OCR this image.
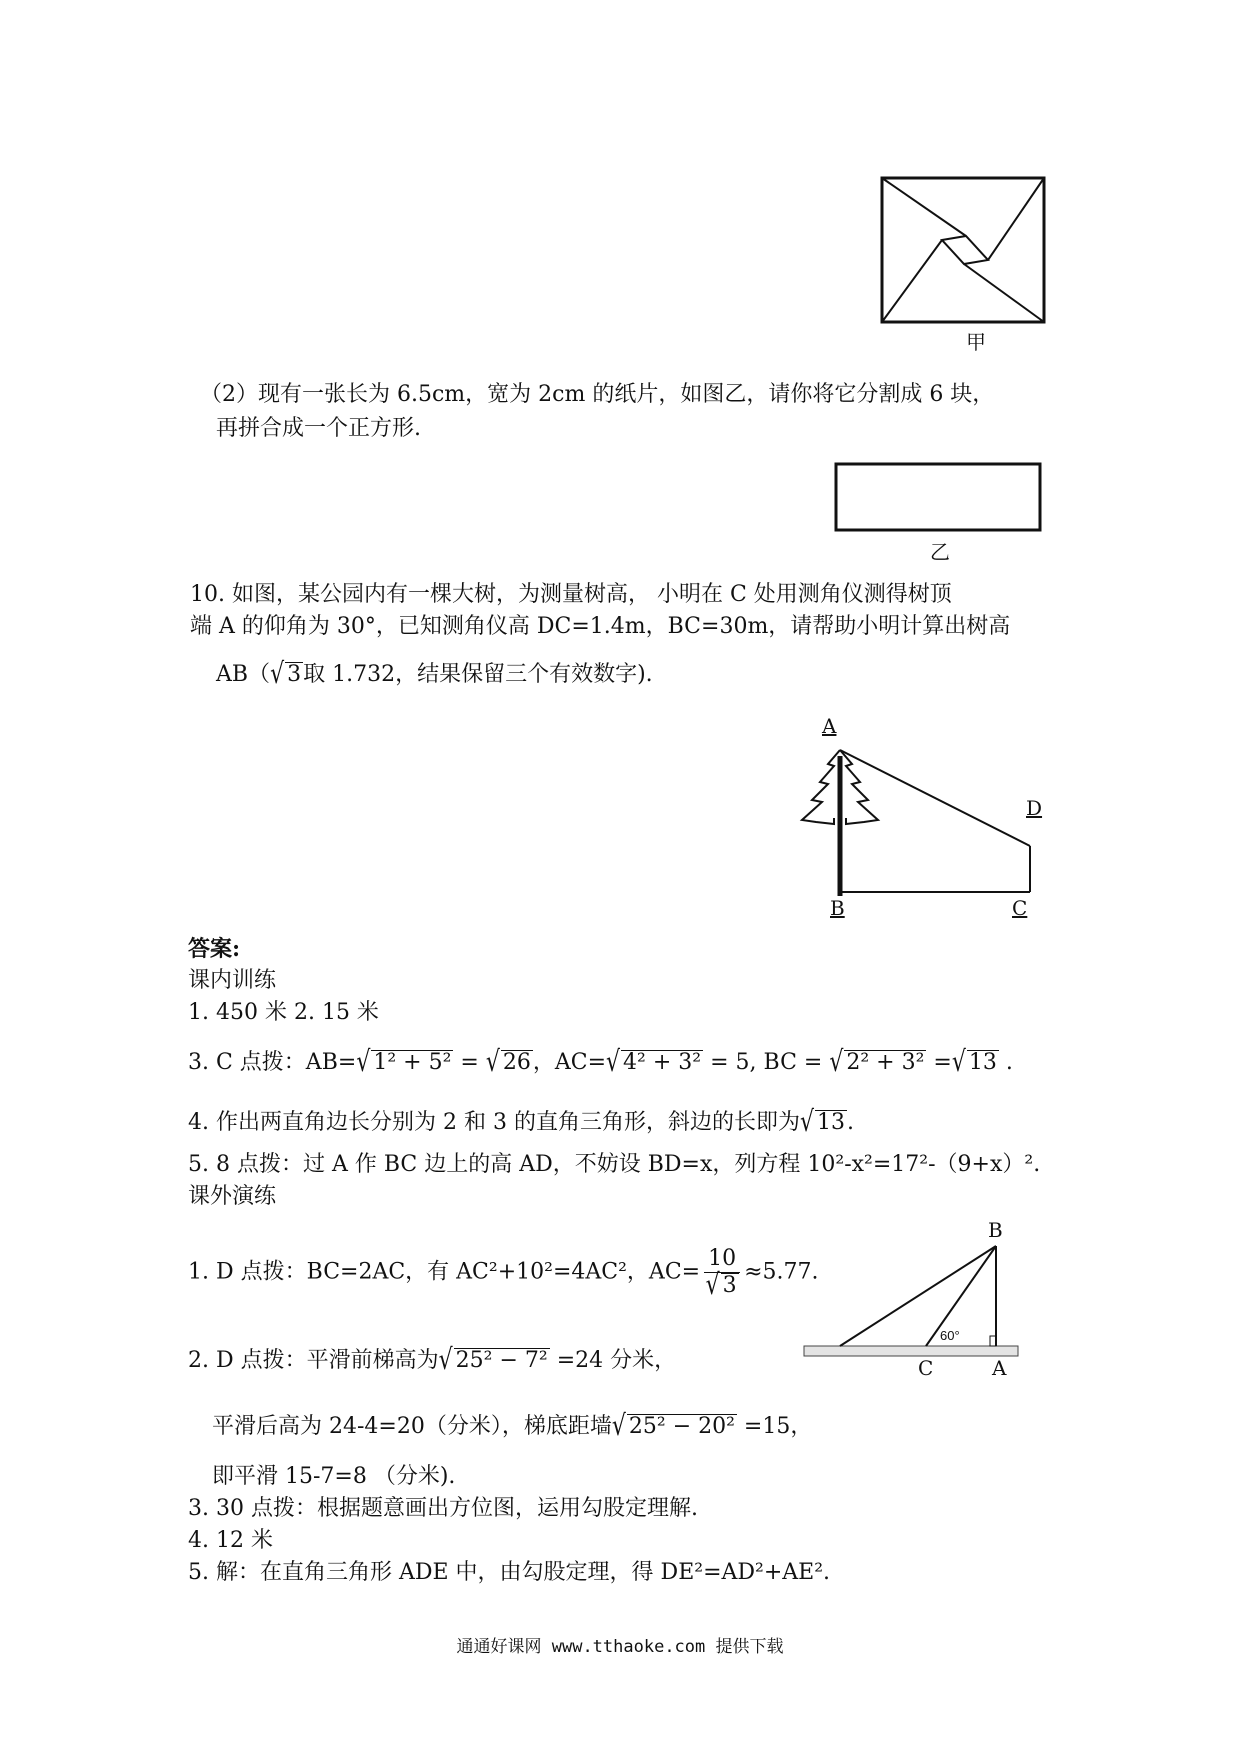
甲
（2）现有一张长为 6.5cm，宽为 2cm 的纸片，如图乙，请你将它分割成 6 块，
再拼合成一个正方形.
乙
10. 如图，某公园内有一棵大树，为测量树高， 小明在 C 处用测角仪测得树顶
端 A 的仰角为 30°，已知测角仪高 DC=1.4m，BC=30m，请帮助小明计算出树高
AB（√ 3取 1.732，结果保留三个有效数字).
A
D
B	C
答案:
课内训练
1. 450 米 2. 15 米
3. C 点拨：AB=√ 1² + 5² = √ 26，AC=√ 4² + 3² = 5, BC = √ 2² + 3² =√ 13 .
4. 作出两直角边长分别为 2 和 3 的直角三角形，斜边的长即为√ 13.
5. 8 点拨：过 A 作 BC 边上的高 AD，不妨设 BD=x，列方程 10²-x²=17²-（9+x）².
课外演练
1. D 点拨：BC=2AC，有 AC²+10²=4AC²，$AC= \frac{10}{√ 3} \approx 5.77$.
60°
B
C	A
2. D 点拨：平滑前梯高为√ 25² − 7² =24 分米，
平滑后高为 24-4=20（分米），梯底距墙√ 25² − 20² =15，
即平滑 15-7=8 （分米).
3. 30 点拨：根据题意画出方位图，运用勾股定理解.
4. 12 米
5. 解：在直角三角形 ADE 中，由勾股定理，得 DE²=AD²+AE².
通通好课网 www.tthaoke.com 提供下载
